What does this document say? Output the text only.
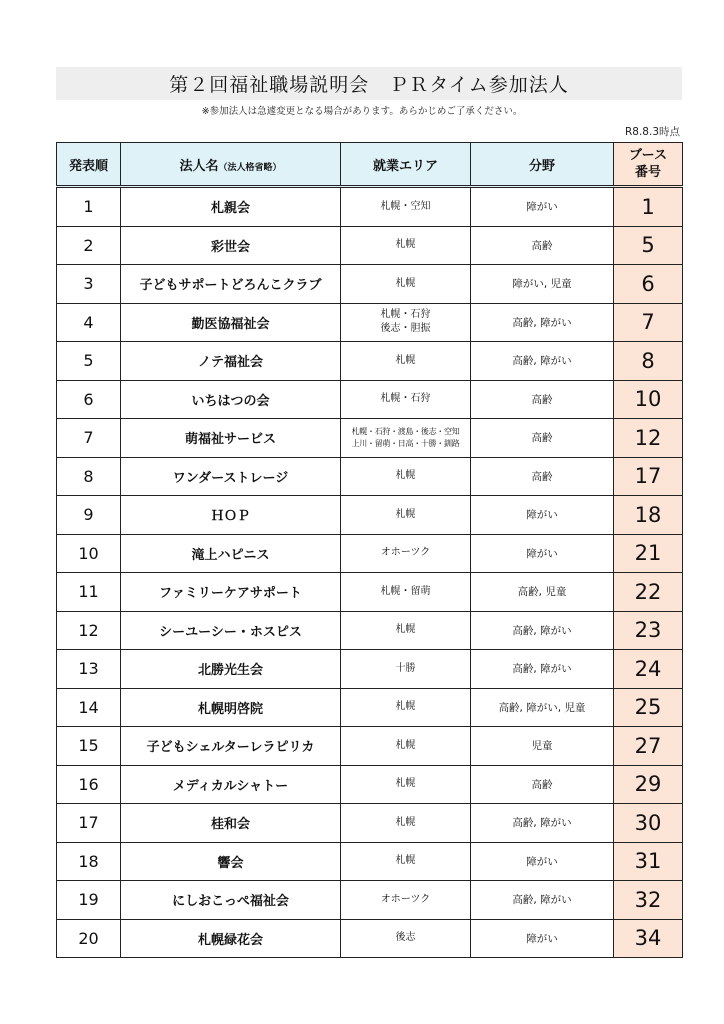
第２回福祉職場説明会　ＰＲタイム参加法人
※参加法人は急遽変更となる場合があります。あらかじめご了承ください。
R8.8.3時点
発表順	法人名（法人格省略）	就業エリア	分野	ブース
番号
1	札親会	札幌・空知	障がい	1
2	彩世会	札幌	高齢	5
3	子どもサポートどろんこクラブ	札幌	障がい, 児童	6
4	勤医協福祉会	札幌・石狩
後志・胆振	高齢, 障がい	7
5	ノテ福祉会	札幌	高齢, 障がい	8
6	いちはつの会	札幌・石狩	高齢	10
7	萌福祉サービス	札幌・石狩・渡島・後志・空知
上川・留萌・日高・十勝・釧路	高齢	12
8	ワンダーストレージ	札幌	高齢	17
9	ＨＯＰ	札幌	障がい	18
10	滝上ハピニス	オホーツク	障がい	21
11	ファミリーケアサポート	札幌・留萌	高齢, 児童	22
12	シーユーシー・ホスピス	札幌	高齢, 障がい	23
13	北勝光生会	十勝	高齢, 障がい	24
14	札幌明啓院	札幌	高齢, 障がい, 児童	25
15	子どもシェルターレラピリカ	札幌	児童	27
16	メディカルシャトー	札幌	高齢	29
17	桂和会	札幌	高齢, 障がい	30
18	響会	札幌	障がい	31
19	にしおこっぺ福祉会	オホーツク	高齢, 障がい	32
20	札幌緑花会	後志	障がい	34
